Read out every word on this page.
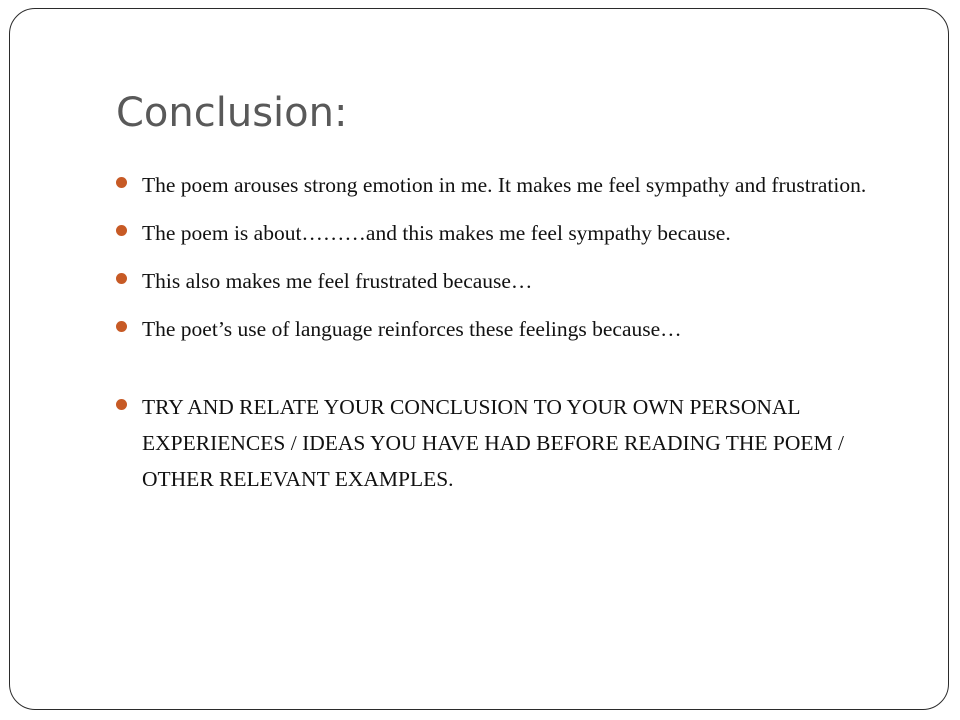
Conclusion:
The poem arouses strong emotion in me. It makes me feel sympathy and frustration.
The poem is about………and this makes me feel sympathy because.
This also makes me feel frustrated because…
The poet’s use of language reinforces these feelings because…
TRY AND RELATE YOUR CONCLUSION TO YOUR OWN PERSONAL EXPERIENCES / IDEAS YOU HAVE HAD BEFORE READING THE POEM / OTHER RELEVANT EXAMPLES.
